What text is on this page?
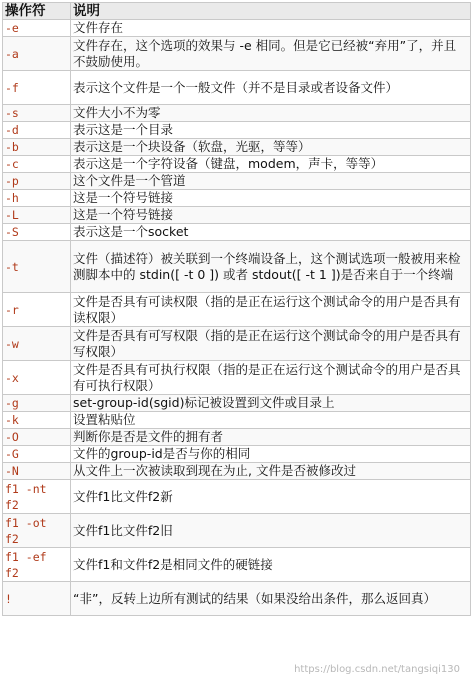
操作符	说明
-e	文件存在
-a	文件存在，这个选项的效果与 -e 相同。但是它已经被“弃用”了，并且不鼓励使用。
-f	表示这个文件是一个一般文件（并不是目录或者设备文件）
-s	文件大小不为零
-d	表示这是一个目录
-b	表示这是一个块设备（软盘，光驱，等等）
-c	表示这是一个字符设备（键盘，modem，声卡，等等）
-p	这个文件是一个管道
-h	这是一个符号链接
-L	这是一个符号链接
-S	表示这是一个socket
-t	文件（描述符）被关联到一个终端设备上，这个测试选项一般被用来检测脚本中的 stdin([ -t 0 ]) 或者 stdout([ -t 1 ])是否来自于一个终端
-r	文件是否具有可读权限（指的是正在运行这个测试命令的用户是否具有读权限）
-w	文件是否具有可写权限（指的是正在运行这个测试命令的用户是否具有写权限）
-x	文件是否具有可执行权限（指的是正在运行这个测试命令的用户是否具有可执行权限）
-g	set-group-id(sgid)标记被设置到文件或目录上
-k	设置粘贴位
-O	判断你是否是文件的拥有者
-G	文件的group-id是否与你的相同
-N	从文件上一次被读取到现在为止, 文件是否被修改过
f1 -nt
f2	文件f1比文件f2新
f1 -ot
f2	文件f1比文件f2旧
f1 -ef
f2	文件f1和文件f2是相同文件的硬链接
!	“非”，反转上边所有测试的结果（如果没给出条件，那么返回真）
https://blog.csdn.net/tangsiqi130
